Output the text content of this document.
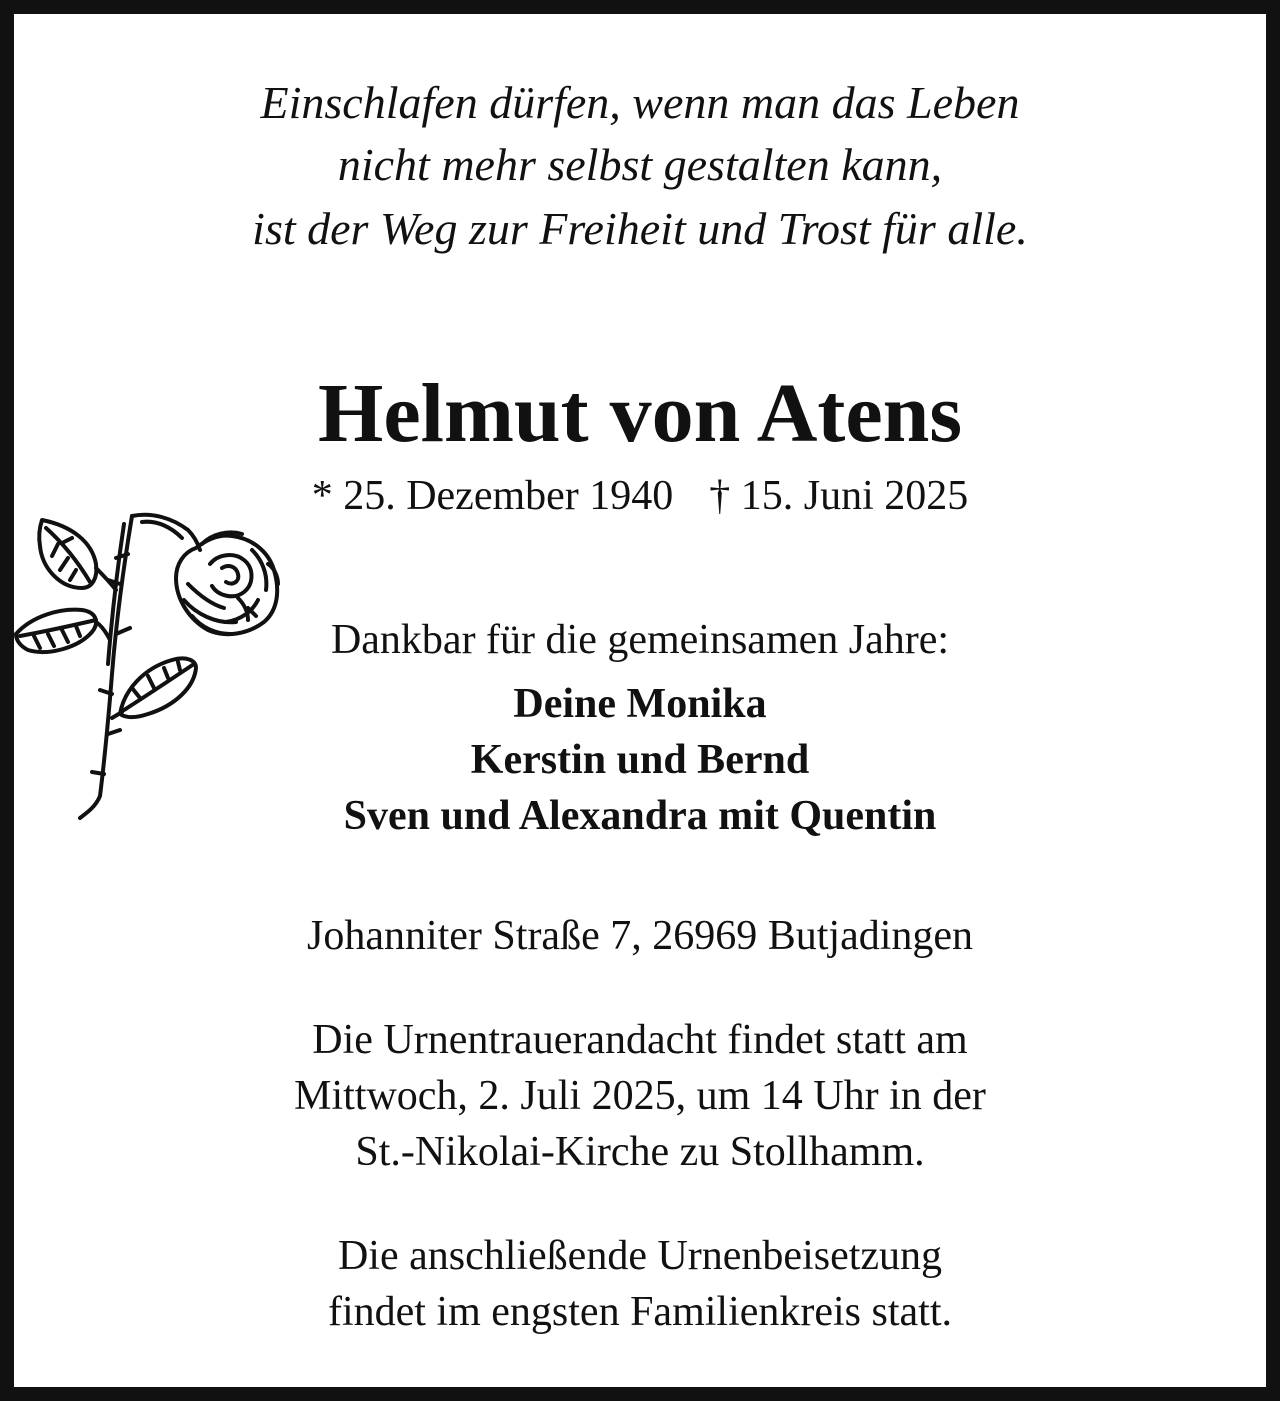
Einschlafen dürfen, wenn man das Leben
nicht mehr selbst gestalten kann,
ist der Weg zur Freiheit und Trost für alle.
Helmut von Atens
* 25. Dezember 1940 † 15. Juni 2025
Dankbar für die gemeinsamen Jahre:
Deine Monika
Kerstin und Bernd
Sven und Alexandra mit Quentin
Johanniter Straße 7, 26969 Butjadingen
Die Urnentrauerandacht findet statt am
Mittwoch, 2. Juli 2025, um 14 Uhr in der
St.-Nikolai-Kirche zu Stollhamm.
Die anschließende Urnenbeisetzung
findet im engsten Familienkreis statt.
